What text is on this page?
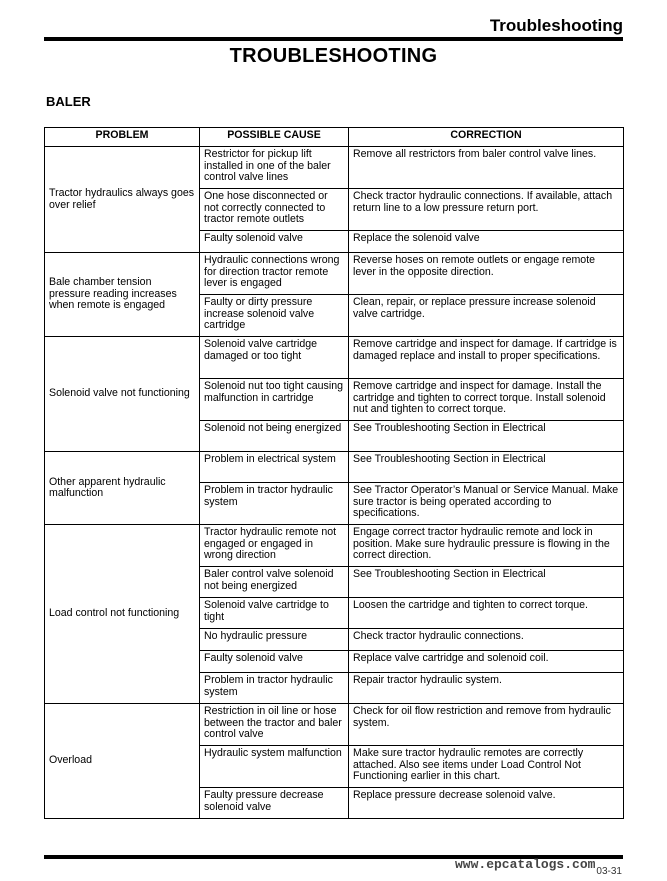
Troubleshooting
TROUBLESHOOTING
BALER
PROBLEM	POSSIBLE CAUSE	CORRECTION
Tractor hydraulics always goes over relief	Restrictor for pickup lift installed in one of the baler control valve lines	Remove all restrictors from baler control valve lines.
	One hose disconnected or not correctly connected to tractor remote outlets	Check tractor hydraulic connections. If available, attach return line to a low pressure return port.
	Faulty solenoid valve	Replace the solenoid valve
Bale chamber tension pressure reading increases when remote is engaged	Hydraulic connections wrong for direction tractor remote lever is engaged	Reverse hoses on remote outlets or engage remote lever in the opposite direction.
	Faulty or dirty pressure increase solenoid valve cartridge	Clean, repair, or replace pressure increase solenoid valve cartridge.
Solenoid valve not functioning	Solenoid valve cartridge damaged or too tight	Remove cartridge and inspect for damage. If cartridge is damaged replace and install to proper specifications.
	Solenoid nut too tight causing malfunction in cartridge	Remove cartridge and inspect for damage. Install the cartridge and tighten to correct torque. Install solenoid nut and tighten to correct torque.
	Solenoid not being energized	See Troubleshooting Section in Electrical
Other apparent hydraulic malfunction	Problem in electrical system	See Troubleshooting Section in Electrical
	Problem in tractor hydraulic system	See Tractor Operator’s Manual or Service Manual. Make sure tractor is being operated according to specifications.
Load control not functioning	Tractor hydraulic remote not engaged or engaged in wrong direction	Engage correct tractor hydraulic remote and lock in position. Make sure hydraulic pressure is flowing in the correct direction.
	Baler control valve solenoid not being energized	See Troubleshooting Section in Electrical
	Solenoid valve cartridge to tight	Loosen the cartridge and tighten to correct torque.
	No hydraulic pressure	Check tractor hydraulic connections.
	Faulty solenoid valve	Replace valve cartridge and solenoid coil.
	Problem in tractor hydraulic system	Repair tractor hydraulic system.
Overload	Restriction in oil line or hose between the tractor and baler control valve	Check for oil flow restriction and remove from hydraulic system.
	Hydraulic system malfunction	Make sure tractor hydraulic remotes are correctly attached. Also see items under Load Control Not Functioning earlier in this chart.
	Faulty pressure decrease solenoid valve	Replace pressure decrease solenoid valve.
www.epcatalogs.com 03-31
